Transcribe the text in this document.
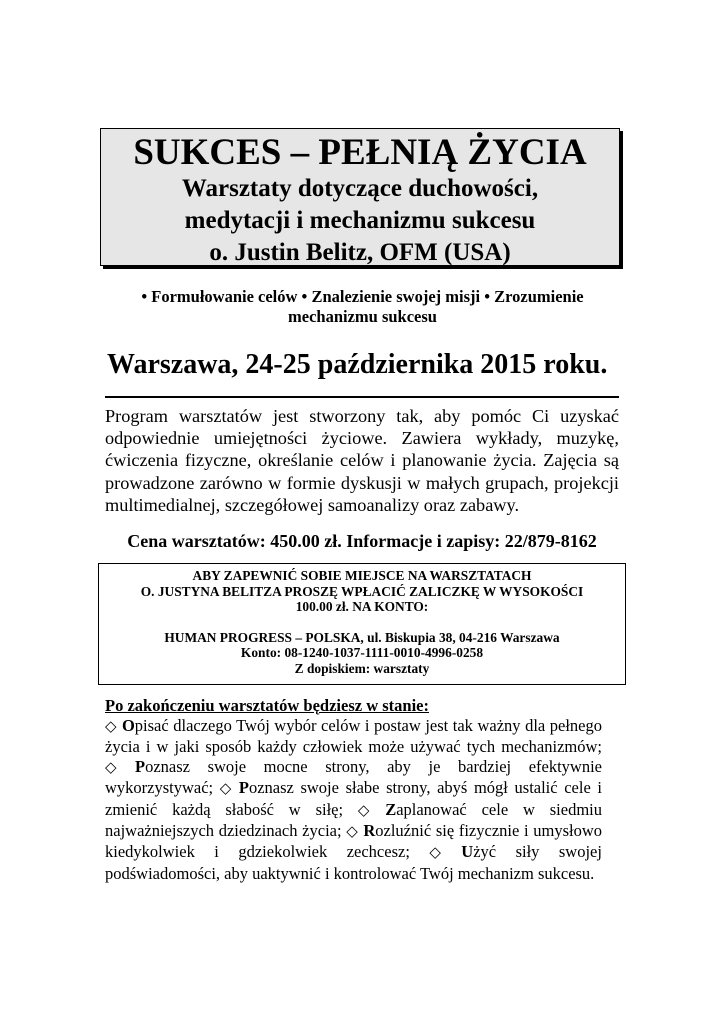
SUKCES – PEŁNIĄ ŻYCIA

Warsztaty dotyczące duchowości,

medytacji i mechanizmu sukcesu

o. Justin Belitz, OFM (USA)

• Formułowanie celów • Znalezienie swojej misji • Zrozumienie
mechanizmu sukcesu
Warszawa, 24-25 października 2015 roku.
Program warsztatów jest stworzony tak, aby pomóc Ci uzyskać odpowiednie umiejętności życiowe. Zawiera wykłady, muzykę, ćwiczenia fizyczne, określanie celów i planowanie życia. Zajęcia są prowadzone zarówno w formie dyskusji w małych grupach, projekcji multimedialnej, szczegółowej samoanalizy oraz zabawy.
Cena warsztatów: 450.00 zł. Informacje i zapisy: 22/879-8162
ABY ZAPEWNIĆ SOBIE MIEJSCE NA WARSZTATACH
O. JUSTYNA BELITZA PROSZĘ WPŁACIĆ ZALICZKĘ W WYSOKOŚCI
100.00 zł. NA KONTO:
HUMAN PROGRESS – POLSKA, ul. Biskupia 38, 04-216 Warszawa
Konto: 08-1240-1037-1111-0010-4996-0258
Z dopiskiem: warsztaty
Po zakończeniu warsztatów będziesz w stanie:
◇ Opisać dlaczego Twój wybór celów i postaw jest tak ważny dla pełnego życia i w jaki sposób każdy człowiek może używać tych mechanizmów; ◇ Poznasz swoje mocne strony, aby je bardziej efektywnie wykorzystywać; ◇ Poznasz swoje słabe strony, abyś mógł ustalić cele i zmienić każdą słabość w siłę; ◇ Zaplanować cele w siedmiu najważniejszych dziedzinach życia; ◇ Rozluźnić się fizycznie i umysłowo kiedykolwiek i gdziekolwiek zechcesz; ◇ Użyć siły swojej podświadomości, aby uaktywnić i kontrolować Twój mechanizm sukcesu.
